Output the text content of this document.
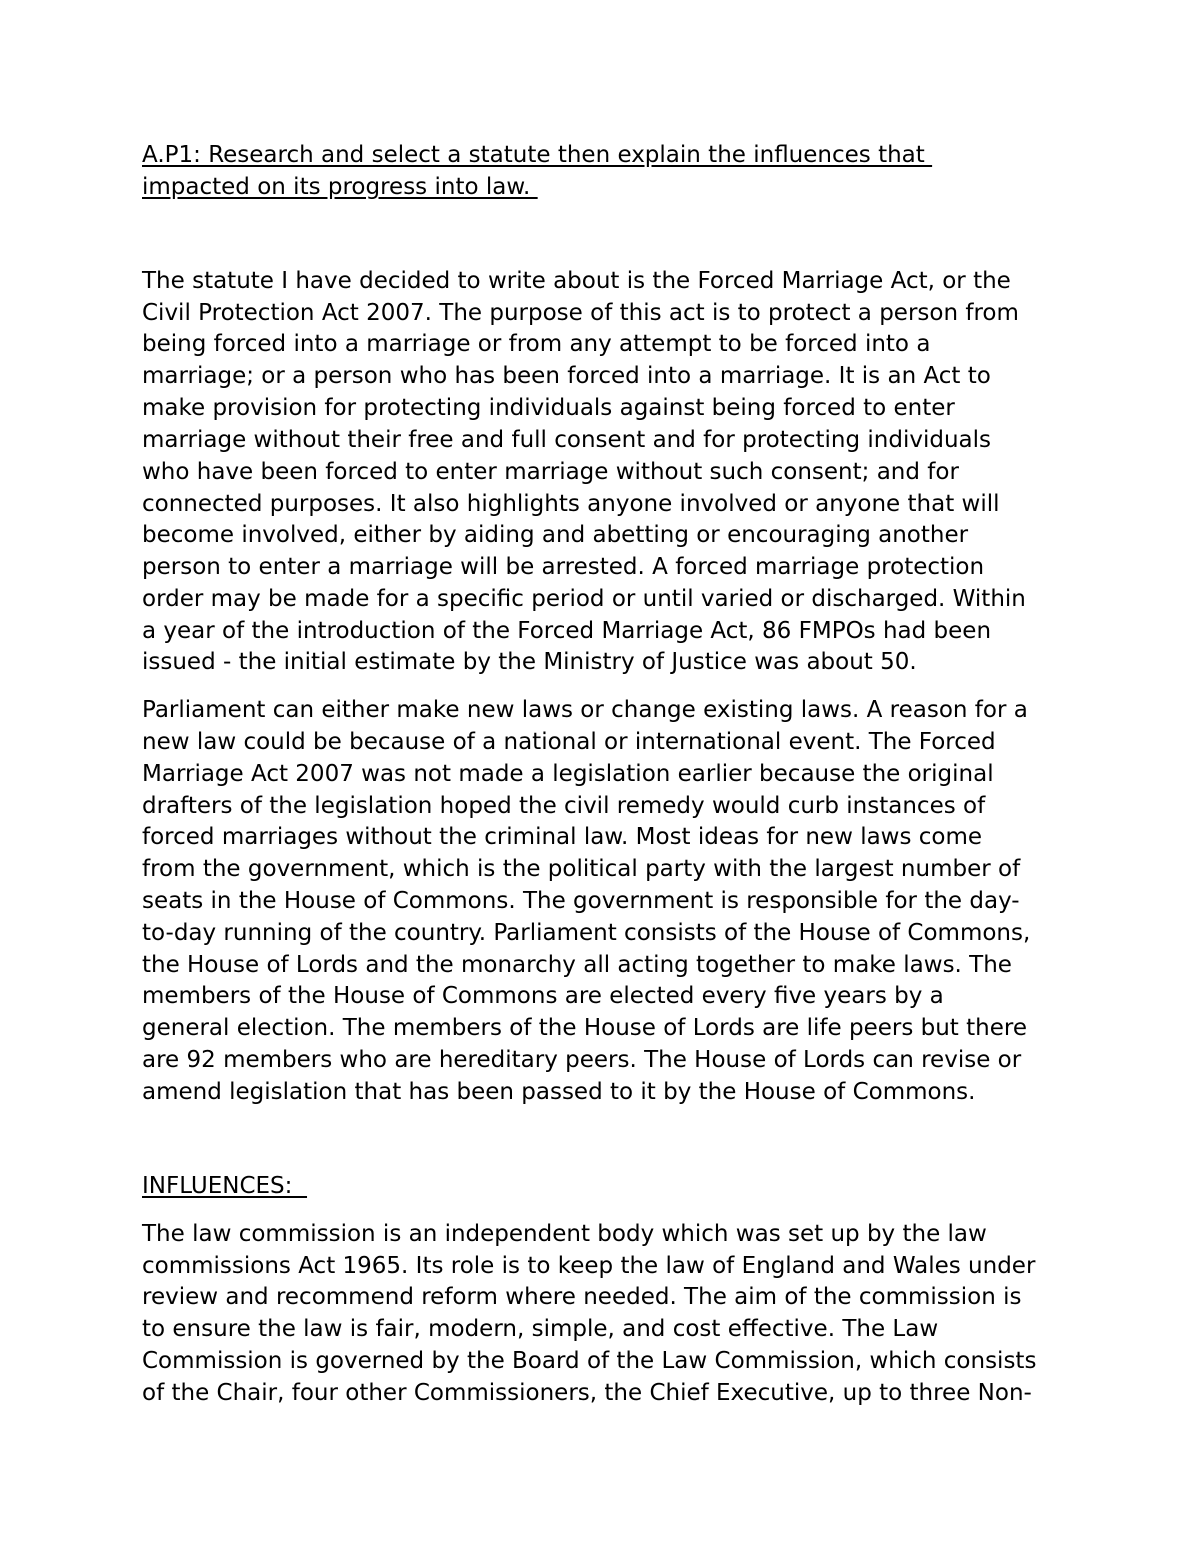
A.P1: Research and select a statute then explain the influences that
impacted on its progress into law.
The statute I have decided to write about is the Forced Marriage Act, or the
Civil Protection Act 2007. The purpose of this act is to protect a person from
being forced into a marriage or from any attempt to be forced into a
marriage; or a person who has been forced into a marriage. It is an Act to
make provision for protecting individuals against being forced to enter
marriage without their free and full consent and for protecting individuals
who have been forced to enter marriage without such consent; and for
connected purposes. It also highlights anyone involved or anyone that will
become involved, either by aiding and abetting or encouraging another
person to enter a marriage will be arrested. A forced marriage protection
order may be made for a specific period or until varied or discharged. Within
a year of the introduction of the Forced Marriage Act, 86 FMPOs had been
issued - the initial estimate by the Ministry of Justice was about 50.
Parliament can either make new laws or change existing laws. A reason for a
new law could be because of a national or international event. The Forced
Marriage Act 2007 was not made a legislation earlier because the original
drafters of the legislation hoped the civil remedy would curb instances of
forced marriages without the criminal law. Most ideas for new laws come
from the government, which is the political party with the largest number of
seats in the House of Commons. The government is responsible for the day-
to-day running of the country. Parliament consists of the House of Commons,
the House of Lords and the monarchy all acting together to make laws. The
members of the House of Commons are elected every five years by a
general election. The members of the House of Lords are life peers but there
are 92 members who are hereditary peers. The House of Lords can revise or
amend legislation that has been passed to it by the House of Commons.
INFLUENCES:
The law commission is an independent body which was set up by the law
commissions Act 1965. Its role is to keep the law of England and Wales under
review and recommend reform where needed. The aim of the commission is
to ensure the law is fair, modern, simple, and cost effective. The Law
Commission is governed by the Board of the Law Commission, which consists
of the Chair, four other Commissioners, the Chief Executive, up to three Non-
